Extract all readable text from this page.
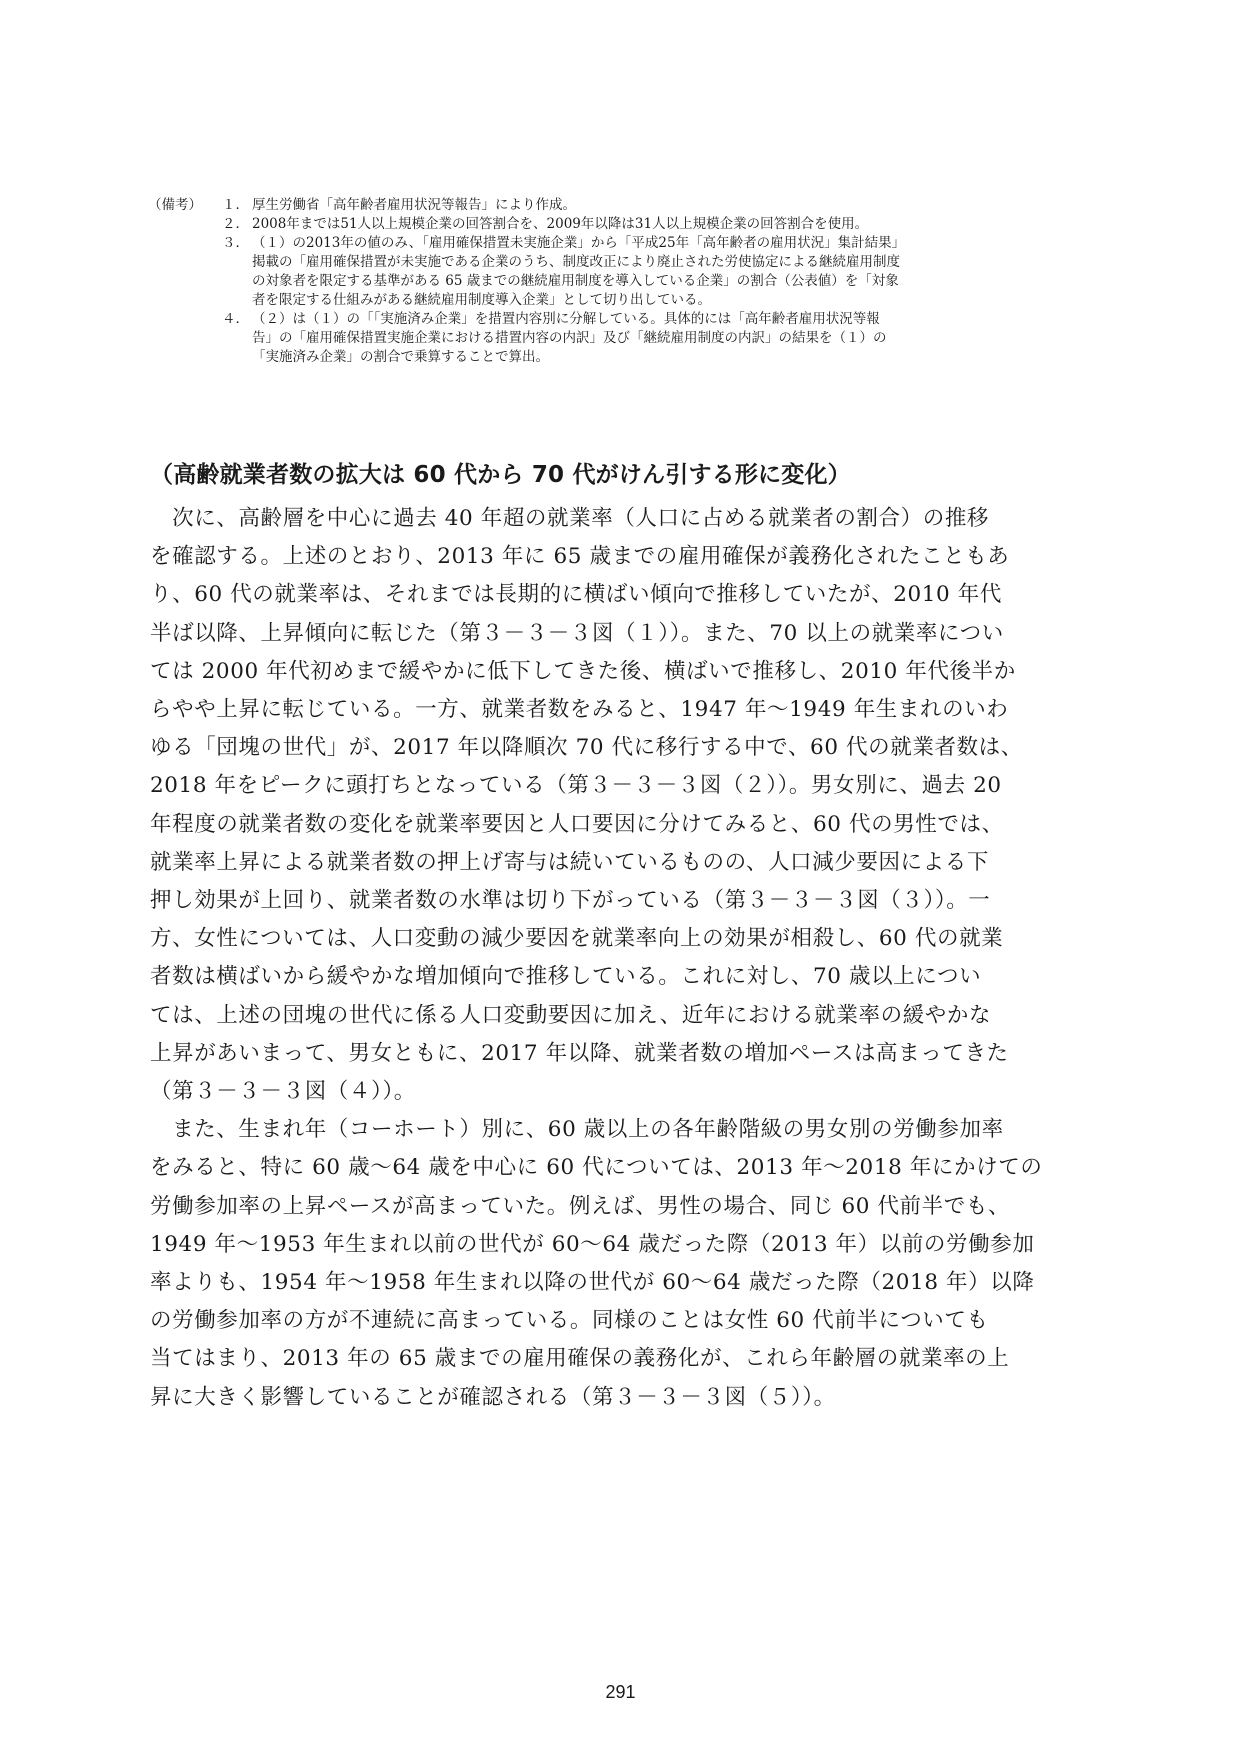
（備考）	１． 厚生労働省「高年齢者雇用状況等報告」により作成。
２． 2008年までは51人以上規模企業の回答割合を、2009年以降は31人以上規模企業の回答割合を使用。
３． （１）の2013年の値のみ、「雇用確保措置未実施企業」から「平成25年「高年齢者の雇用状況」集計結果」
掲載の「雇用確保措置が未実施である企業のうち、制度改正により廃止された労使協定による継続雇用制度
の対象者を限定する基準がある 65 歳までの継続雇用制度を導入している企業」の割合（公表値）を「対象
者を限定する仕組みがある継続雇用制度導入企業」として切り出している。
４． （２）は（１）の「「実施済み企業」を措置内容別に分解している。具体的には「高年齢者雇用状況等報
告」の「雇用確保措置実施企業における措置内容の内訳」及び「継続雇用制度の内訳」の結果を（１）の
「実施済み企業」の割合で乗算することで算出。
（高齢就業者数の拡大は 60 代から 70 代がけん引する形に変化）
　次に、高齢層を中心に過去 40 年超の就業率（人口に占める就業者の割合）の推移
を確認する。上述のとおり、2013 年に 65 歳までの雇用確保が義務化されたこともあ
り、60 代の就業率は、それまでは長期的に横ばい傾向で推移していたが、2010 年代
半ば以降、上昇傾向に転じた（第３－３－３図（１））。また、70 以上の就業率につい
ては 2000 年代初めまで緩やかに低下してきた後、横ばいで推移し、2010 年代後半か
らやや上昇に転じている。一方、就業者数をみると、1947 年～1949 年生まれのいわ
ゆる「団塊の世代」が、2017 年以降順次 70 代に移行する中で、60 代の就業者数は、
2018 年をピークに頭打ちとなっている（第３－３－３図（２））。男女別に、過去 20
年程度の就業者数の変化を就業率要因と人口要因に分けてみると、60 代の男性では、
就業率上昇による就業者数の押上げ寄与は続いているものの、人口減少要因による下
押し効果が上回り、就業者数の水準は切り下がっている（第３－３－３図（３））。一
方、女性については、人口変動の減少要因を就業率向上の効果が相殺し、60 代の就業
者数は横ばいから緩やかな増加傾向で推移している。これに対し、70 歳以上につい
ては、上述の団塊の世代に係る人口変動要因に加え、近年における就業率の緩やかな
上昇があいまって、男女ともに、2017 年以降、就業者数の増加ペースは高まってきた
（第３－３－３図（４））。
　また、生まれ年（コーホート）別に、60 歳以上の各年齢階級の男女別の労働参加率
をみると、特に 60 歳～64 歳を中心に 60 代については、2013 年～2018 年にかけての
労働参加率の上昇ペースが高まっていた。例えば、男性の場合、同じ 60 代前半でも、
1949 年～1953 年生まれ以前の世代が 60～64 歳だった際（2013 年）以前の労働参加
率よりも、1954 年～1958 年生まれ以降の世代が 60～64 歳だった際（2018 年）以降
の労働参加率の方が不連続に高まっている。同様のことは女性 60 代前半についても
当てはまり、2013 年の 65 歳までの雇用確保の義務化が、これら年齢層の就業率の上
昇に大きく影響していることが確認される（第３－３－３図（５））。
291
